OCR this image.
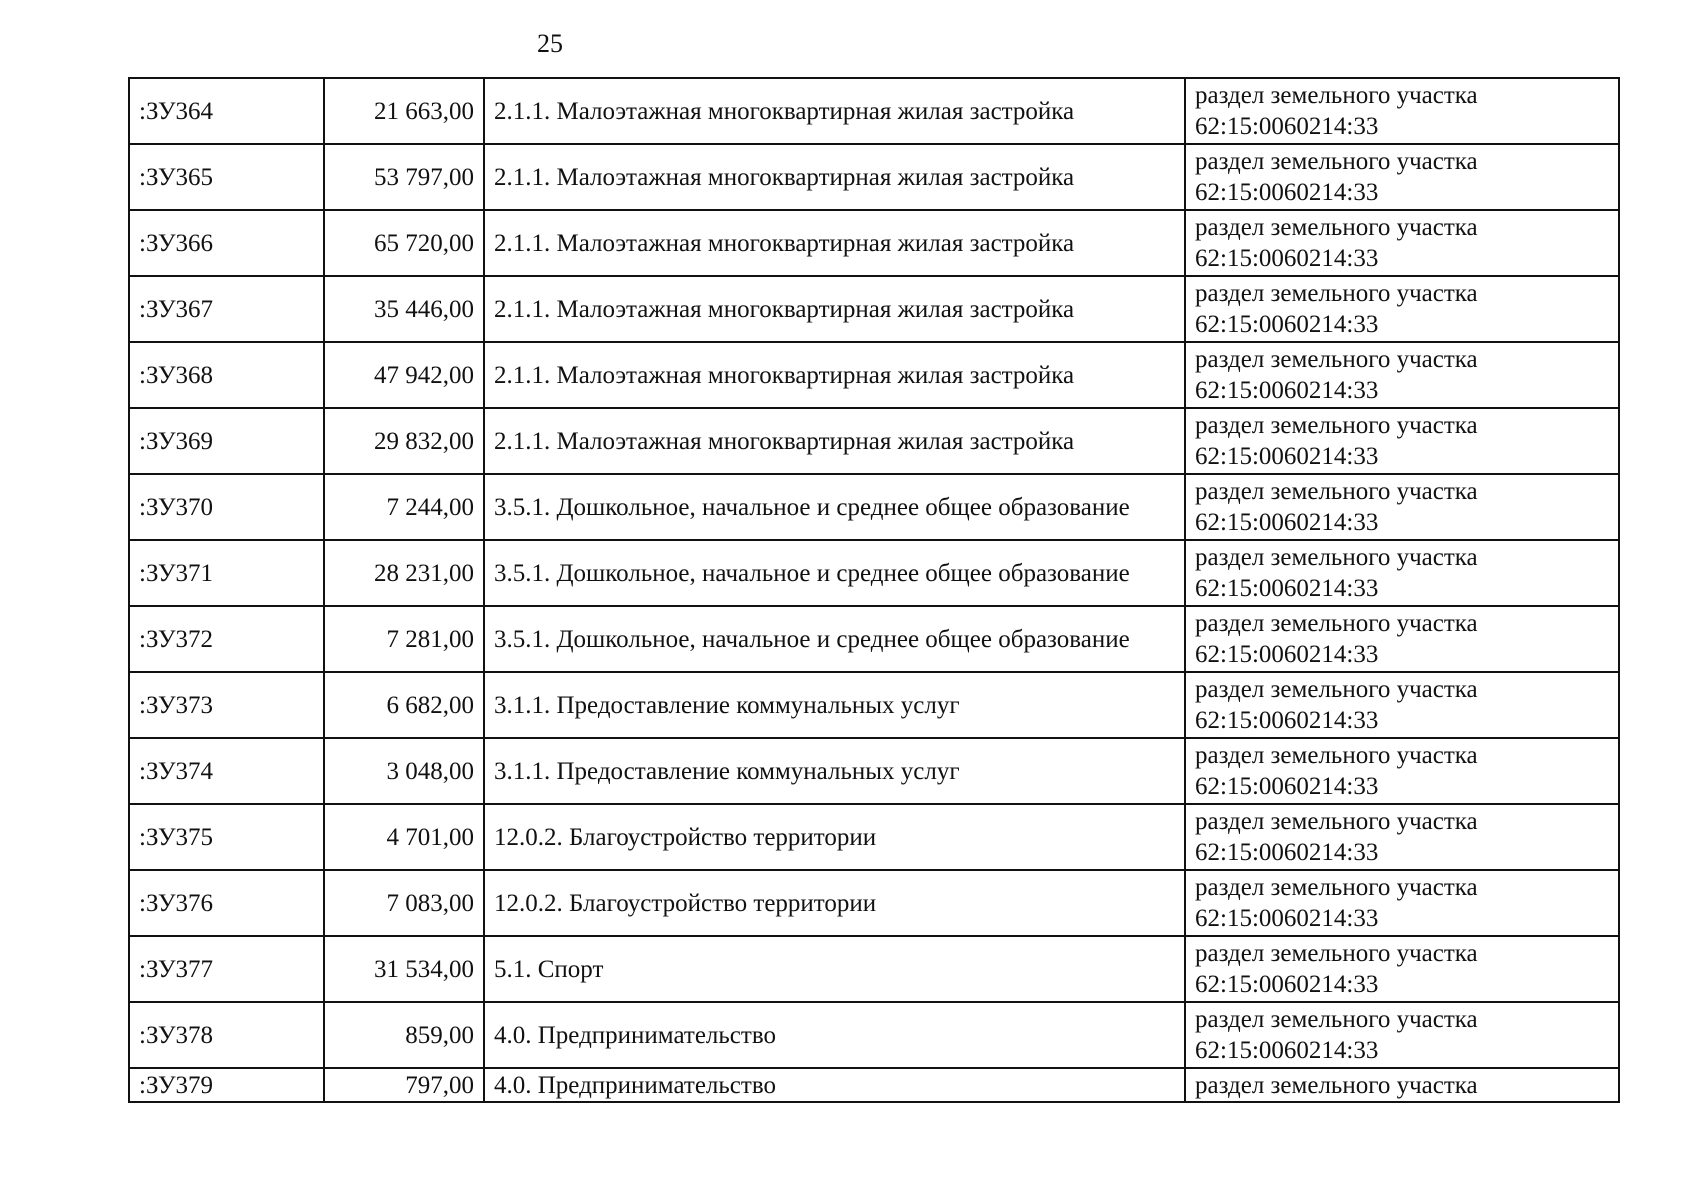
25
:ЗУ364	21 663,00	2.1.1. Малоэтажная многоквартирная жилая застройка	раздел земельного участка 62:15:0060214:33
:ЗУ365	53 797,00	2.1.1. Малоэтажная многоквартирная жилая застройка	раздел земельного участка 62:15:0060214:33
:ЗУ366	65 720,00	2.1.1. Малоэтажная многоквартирная жилая застройка	раздел земельного участка 62:15:0060214:33
:ЗУ367	35 446,00	2.1.1. Малоэтажная многоквартирная жилая застройка	раздел земельного участка 62:15:0060214:33
:ЗУ368	47 942,00	2.1.1. Малоэтажная многоквартирная жилая застройка	раздел земельного участка 62:15:0060214:33
:ЗУ369	29 832,00	2.1.1. Малоэтажная многоквартирная жилая застройка	раздел земельного участка 62:15:0060214:33
:ЗУ370	7 244,00	3.5.1. Дошкольное, начальное и среднее общее образование	раздел земельного участка 62:15:0060214:33
:ЗУ371	28 231,00	3.5.1. Дошкольное, начальное и среднее общее образование	раздел земельного участка 62:15:0060214:33
:ЗУ372	7 281,00	3.5.1. Дошкольное, начальное и среднее общее образование	раздел земельного участка 62:15:0060214:33
:ЗУ373	6 682,00	3.1.1. Предоставление коммунальных услуг	раздел земельного участка 62:15:0060214:33
:ЗУ374	3 048,00	3.1.1. Предоставление коммунальных услуг	раздел земельного участка 62:15:0060214:33
:ЗУ375	4 701,00	12.0.2. Благоустройство территории	раздел земельного участка 62:15:0060214:33
:ЗУ376	7 083,00	12.0.2. Благоустройство территории	раздел земельного участка 62:15:0060214:33
:ЗУ377	31 534,00	5.1. Спорт	раздел земельного участка 62:15:0060214:33
:ЗУ378	859,00	4.0. Предпринимательство	раздел земельного участка 62:15:0060214:33
:ЗУ379	797,00	4.0. Предпринимательство	раздел земельного участка
